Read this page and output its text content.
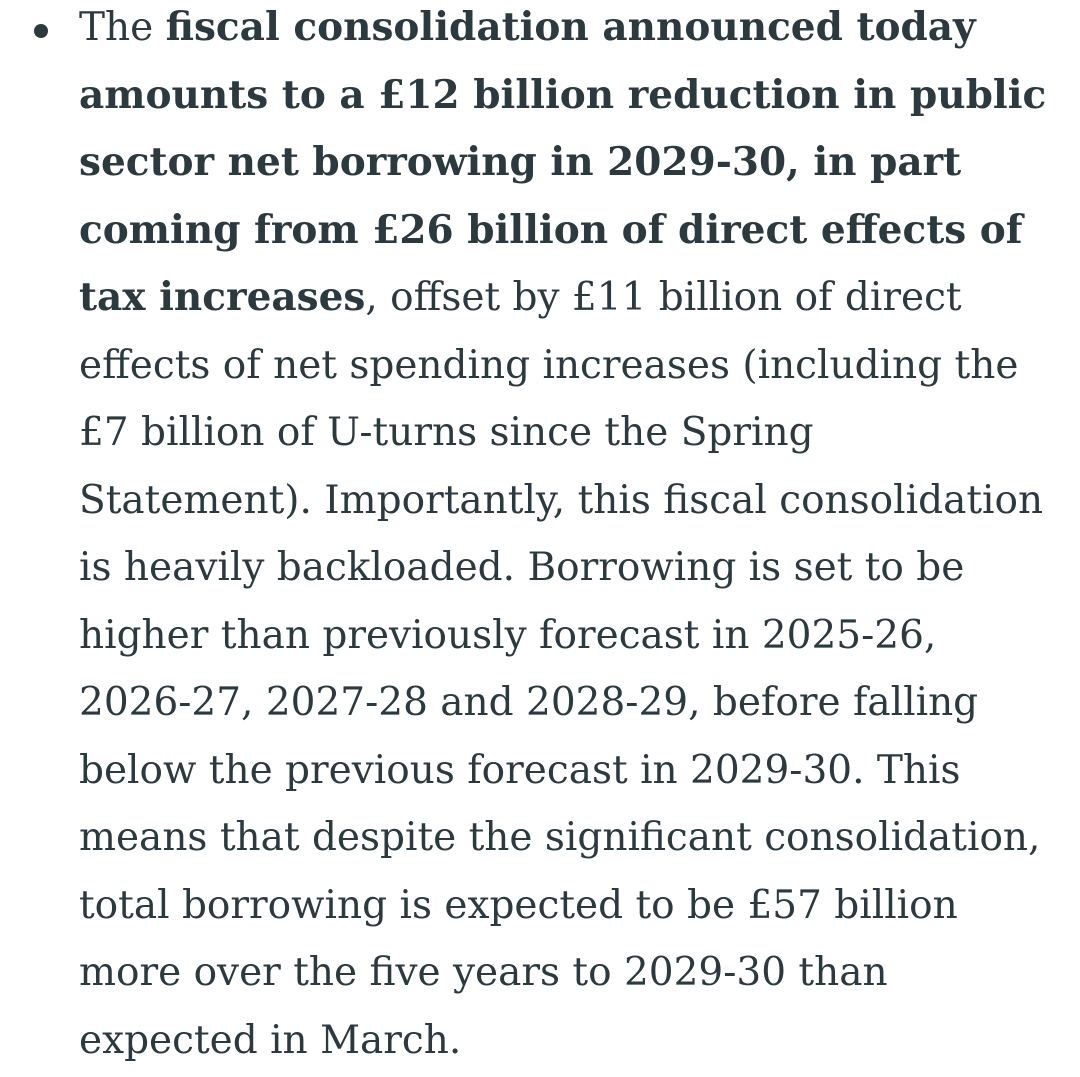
The fiscal consolidation announced today amounts to a £12 billion reduction in public sector net borrowing in 2029-30, in part coming from £26 billion of direct effects of tax increases, offset by £11 billion of direct effects of net spending increases (including the £7 billion of U-turns since the Spring Statement). Importantly, this fiscal consolidation is heavily backloaded. Borrowing is set to be higher than previously forecast in 2025-26, 2026-27, 2027-28 and 2028-29, before falling below the previous forecast in 2029-30. This means that despite the significant consolidation, total borrowing is expected to be £57 billion more over the five years to 2029-30 than expected in March.
